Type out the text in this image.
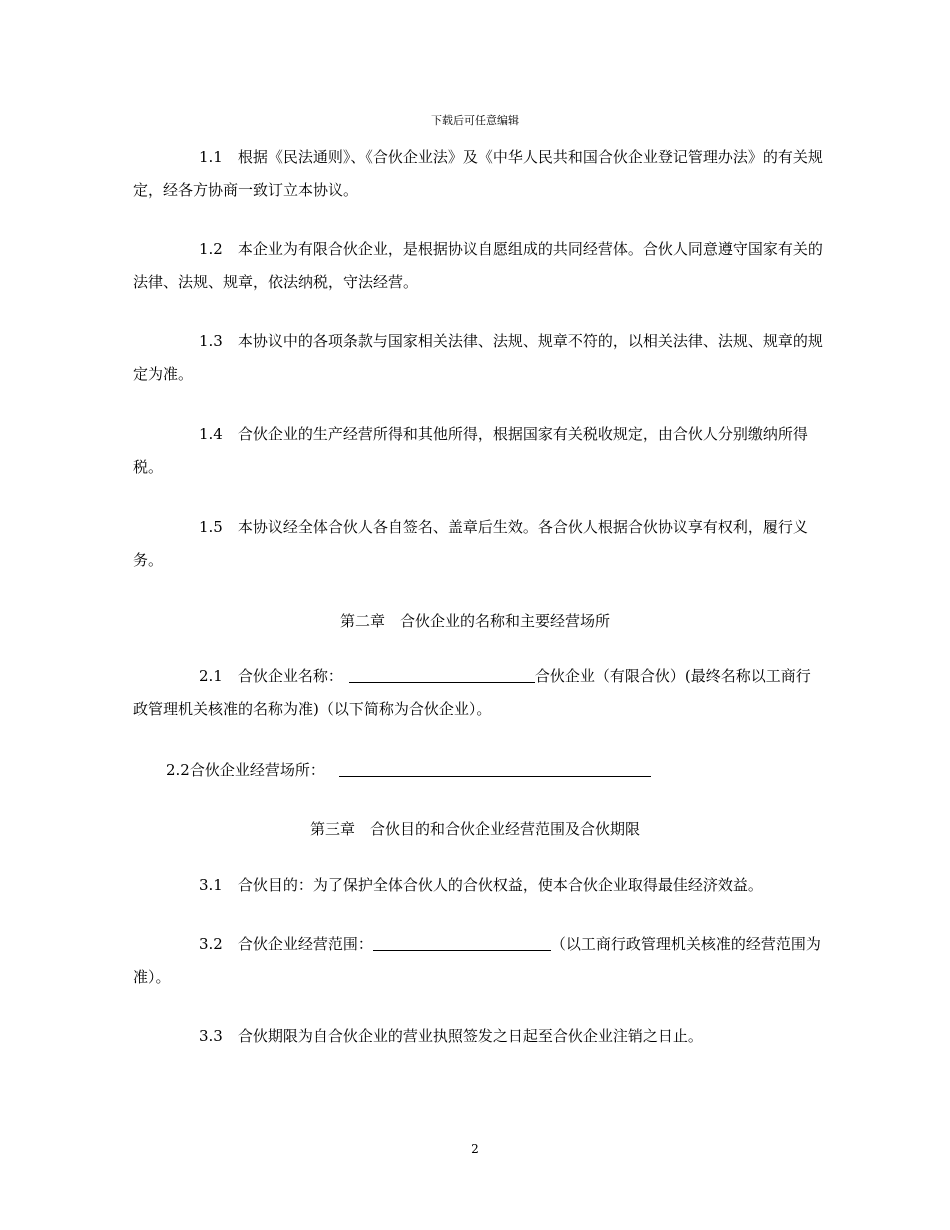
下载后可任意编辑

1.1 根据《民法通则》、《合伙企业法》及《中华人民共和国合伙企业登记管理办法》的有关规定，经各方协商一致订立本协议。

1.2 本企业为有限合伙企业，是根据协议自愿组成的共同经营体。合伙人同意遵守国家有关的法律、法规、规章，依法纳税，守法经营。

1.3 本协议中的各项条款与国家相关法律、法规、规章不符的，以相关法律、法规、规章的规定为准。

1.4 合伙企业的生产经营所得和其他所得，根据国家有关税收规定，由合伙人分别缴纳所得税。

1.5 本协议经全体合伙人各自签名、盖章后生效。各合伙人根据合伙协议享有权利，履行义务。

第二章　合伙企业的名称和主要经营场所

2.1 合伙企业名称：	合伙企业（有限合伙）(最终名称以工商行政管理机关核准的名称为准)（以下简称为合伙企业）。

2.2合伙企业经营场所：

第三章　合伙目的和合伙企业经营范围及合伙期限

3.1 合伙目的：为了保护全体合伙人的合伙权益，使本合伙企业取得最佳经济效益。

3.2 合伙企业经营范围：	（以工商行政管理机关核准的经营范围为准）。

3.3 合伙期限为自合伙企业的营业执照签发之日起至合伙企业注销之日止。

2
